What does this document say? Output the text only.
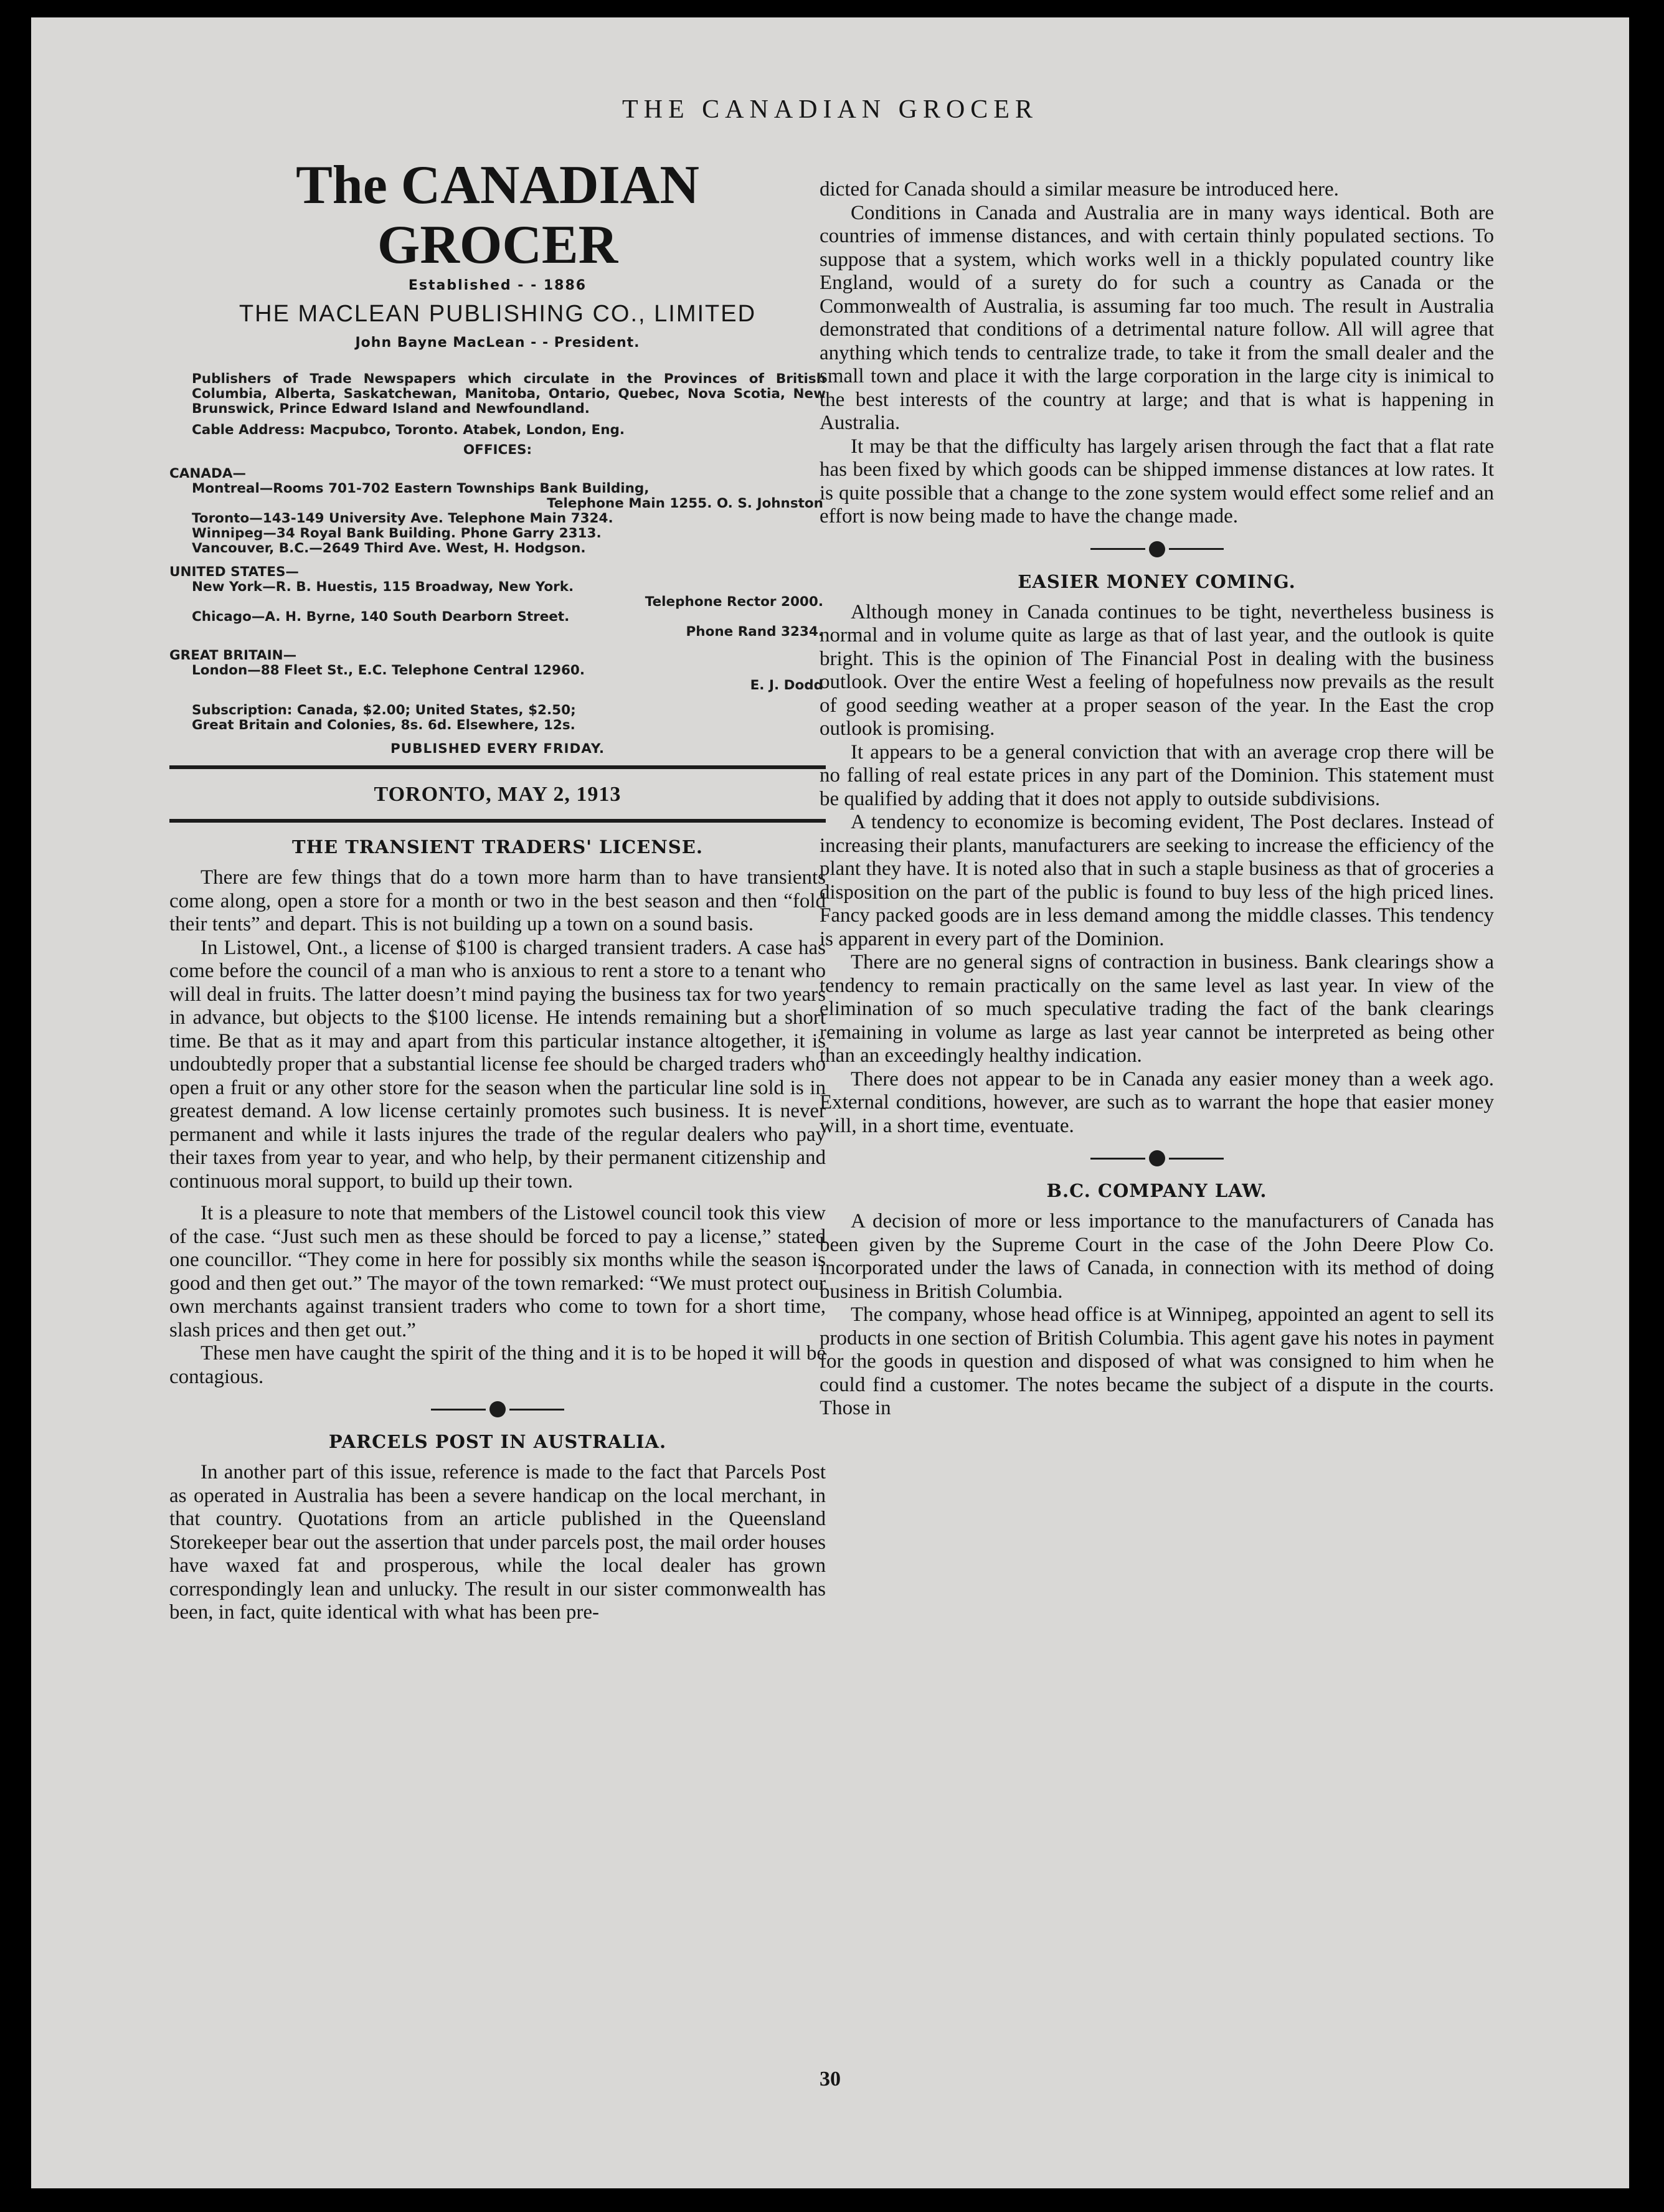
THE CANADIAN GROCER
The CANADIAN GROCER
Established - - 1886
THE MACLEAN PUBLISHING CO., LIMITED
John Bayne MacLean - - President.
Publishers of Trade Newspapers which circulate in the Provinces of British Columbia, Alberta, Saskatchewan, Manitoba, Ontario, Quebec, Nova Scotia, New Brunswick, Prince Edward Island and Newfoundland.
Cable Address: Macpubco, Toronto. Atabek, London, Eng.
OFFICES:
CANADA—
Montreal—Rooms 701-702 Eastern Townships Bank Building,
Telephone Main 1255. O. S. Johnston
Toronto—143-149 University Ave. Telephone Main 7324.
Winnipeg—34 Royal Bank Building. Phone Garry 2313.
Vancouver, B.C.—2649 Third Ave. West, H. Hodgson.
UNITED STATES—
New York—R. B. Huestis, 115 Broadway, New York.
Telephone Rector 2000.
Chicago—A. H. Byrne, 140 South Dearborn Street.
Phone Rand 3234.
GREAT BRITAIN—
London—88 Fleet St., E.C. Telephone Central 12960.
E. J. Dodd
Subscription: Canada, $2.00; United States, $2.50;
Great Britain and Colonies, 8s. 6d. Elsewhere, 12s.
PUBLISHED EVERY FRIDAY.
TORONTO, MAY 2, 1913
THE TRANSIENT TRADERS' LICENSE.

There are few things that do a town more harm than to have transients come along, open a store for a month or two in the best season and then “fold their tents” and depart. This is not building up a town on a sound basis.

In Listowel, Ont., a license of $100 is charged transient traders. A case has come before the council of a man who is anxious to rent a store to a tenant who will deal in fruits. The latter doesn’t mind paying the business tax for two years in advance, but objects to the $100 license. He intends remaining but a short time. Be that as it may and apart from this particular instance altogether, it is undoubtedly proper that a substantial license fee should be charged traders who open a fruit or any other store for the season when the particular line sold is in greatest demand. A low license certainly promotes such business. It is never permanent and while it lasts injures the trade of the regular dealers who pay their taxes from year to year, and who help, by their permanent citizenship and continuous moral support, to build up their town.

It is a pleasure to note that members of the Listowel council took this view of the case. “Just such men as these should be forced to pay a license,” stated one councillor. “They come in here for possibly six months while the season is good and then get out.” The mayor of the town remarked: “We must protect our own merchants against transient traders who come to town for a short time, slash prices and then get out.”

These men have caught the spirit of the thing and it is to be hoped it will be contagious.

PARCELS POST IN AUSTRALIA.

In another part of this issue, reference is made to the fact that Parcels Post as operated in Australia has been a severe handicap on the local merchant, in that country. Quotations from an article published in the Queensland Storekeeper bear out the assertion that under parcels post, the mail order houses have waxed fat and prosperous, while the local dealer has grown correspondingly lean and unlucky. The result in our sister commonwealth has been, in fact, quite identical with what has been pre-

dicted for Canada should a similar measure be introduced here.

Conditions in Canada and Australia are in many ways identical. Both are countries of immense distances, and with certain thinly populated sections. To suppose that a system, which works well in a thickly populated country like England, would of a surety do for such a country as Canada or the Commonwealth of Australia, is assuming far too much. The result in Australia demonstrated that conditions of a detrimental nature follow. All will agree that anything which tends to centralize trade, to take it from the small dealer and the small town and place it with the large corporation in the large city is inimical to the best interests of the country at large; and that is what is happening in Australia.

It may be that the difficulty has largely arisen through the fact that a flat rate has been fixed by which goods can be shipped immense distances at low rates. It is quite possible that a change to the zone system would effect some relief and an effort is now being made to have the change made.

EASIER MONEY COMING.

Although money in Canada continues to be tight, nevertheless business is normal and in volume quite as large as that of last year, and the outlook is quite bright. This is the opinion of The Financial Post in dealing with the business outlook. Over the entire West a feeling of hopefulness now prevails as the result of good seeding weather at a proper season of the year. In the East the crop outlook is promising.

It appears to be a general conviction that with an average crop there will be no falling of real estate prices in any part of the Dominion. This statement must be qualified by adding that it does not apply to outside subdivisions.

A tendency to economize is becoming evident, The Post declares. Instead of increasing their plants, manufacturers are seeking to increase the efficiency of the plant they have. It is noted also that in such a staple business as that of groceries a disposition on the part of the public is found to buy less of the high priced lines. Fancy packed goods are in less demand among the middle classes. This tendency is apparent in every part of the Dominion.

There are no general signs of contraction in business. Bank clearings show a tendency to remain practically on the same level as last year. In view of the elimination of so much speculative trading the fact of the bank clearings remaining in volume as large as last year cannot be interpreted as being other than an exceedingly healthy indication.

There does not appear to be in Canada any easier money than a week ago. External conditions, however, are such as to warrant the hope that easier money will, in a short time, eventuate.

B.C. COMPANY LAW.

A decision of more or less importance to the manufacturers of Canada has been given by the Supreme Court in the case of the John Deere Plow Co. incorporated under the laws of Canada, in connection with its method of doing business in British Columbia.

The company, whose head office is at Winnipeg, appointed an agent to sell its products in one section of British Columbia. This agent gave his notes in payment for the goods in question and disposed of what was consigned to him when he could find a customer. The notes became the subject of a dispute in the courts. Those in

30
